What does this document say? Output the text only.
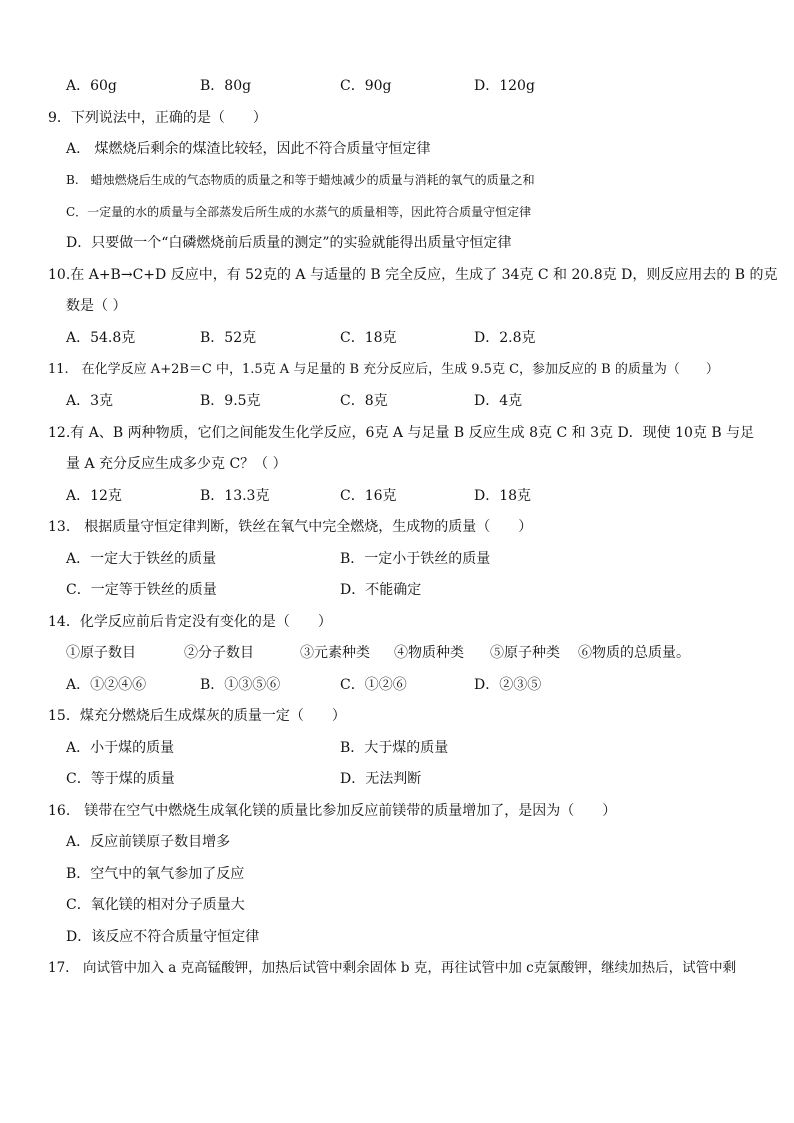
A．60g	B．80g	C．90g	D．120g
9．下列说法中，正确的是（　　）
A.　煤燃烧后剩余的煤渣比较轻，因此不符合质量守恒定律
B.　蜡烛燃烧后生成的气态物质的质量之和等于蜡烛减少的质量与消耗的氧气的质量之和
C．一定量的水的质量与全部蒸发后所生成的水蒸气的质量相等，因此符合质量守恒定律
D．只要做一个“白磷燃烧前后质量的测定”的实验就能得出质量守恒定律
10.在 A+B→C+D 反应中，有 52克的 A 与适量的 B 完全反应，生成了 34克 C 和 20.8克 D，则反应用去的 B 的克
数是（ ）
A．54.8克	B．52克	C．18克	D．2.8克
11.　在化学反应 A+2B＝C 中，1.5克 A 与足量的 B 充分反应后，生成 9.5克 C，参加反应的 B 的质量为（　　）
A．3克	B．9.5克	C．8克	D．4克
12.有 A、B 两种物质，它们之间能发生化学反应，6克 A 与足量 B 反应生成 8克 C 和 3克 D．现使 10克 B 与足
量 A 充分反应生成多少克 C？（ ）
A．12克	B．13.3克	C．16克	D．18克
13.　根据质量守恒定律判断，铁丝在氧气中完全燃烧，生成物的质量（　　）
A．一定大于铁丝的质量	B．一定小于铁丝的质量
C．一定等于铁丝的质量	D．不能确定
14．化学反应前后肯定没有变化的是（　　）
①原子数目	②分子数目	③元素种类 ④物质种类 ⑤原子种类 ⑥物质的总质量。
A．①②④⑥	B．①③⑤⑥	C．①②⑥	D．②③⑤
15．煤充分燃烧后生成煤灰的质量一定（　　）
A．小于煤的质量	B．大于煤的质量
C．等于煤的质量	D．无法判断
16.　镁带在空气中燃烧生成氧化镁的质量比参加反应前镁带的质量增加了，是因为（　　）
A．反应前镁原子数目增多
B．空气中的氧气参加了反应
C．氧化镁的相对分子质量大
D．该反应不符合质量守恒定律
17.　向试管中加入 a 克高锰酸钾，加热后试管中剩余固体 b 克，再往试管中加 c克氯酸钾，继续加热后，试管中剩
